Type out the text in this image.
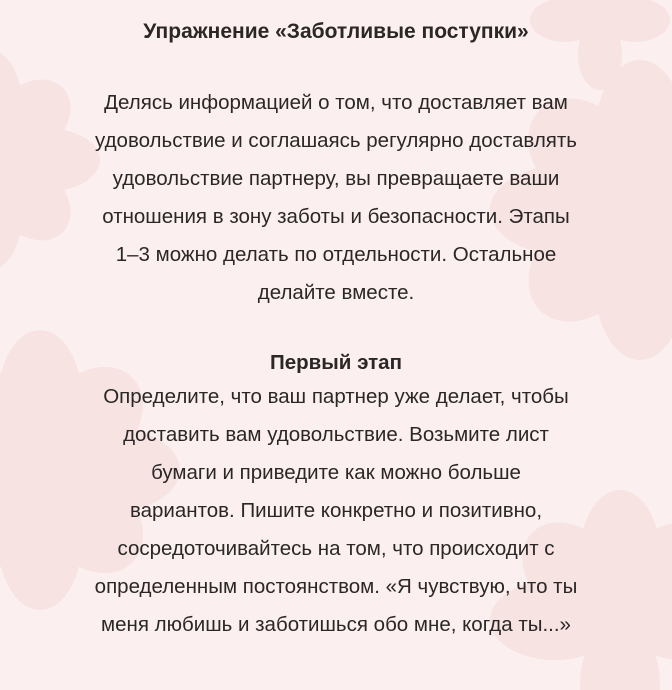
Упражнение «Заботливые поступки»
Делясь информацией о том, что доставляет вам
удовольствие и соглашаясь регулярно доставлять
удовольствие партнеру, вы превращаете ваши
отношения в зону заботы и безопасности. Этапы
1–3 можно делать по отдельности. Остальное
делайте вместе.
Первый этап
Определите, что ваш партнер уже делает, чтобы
доставить вам удовольствие. Возьмите лист
бумаги и приведите как можно больше
вариантов. Пишите конкретно и позитивно,
сосредоточивайтесь на том, что происходит с
определенным постоянством. «Я чувствую, что ты
меня любишь и заботишься обо мне, когда ты...»
